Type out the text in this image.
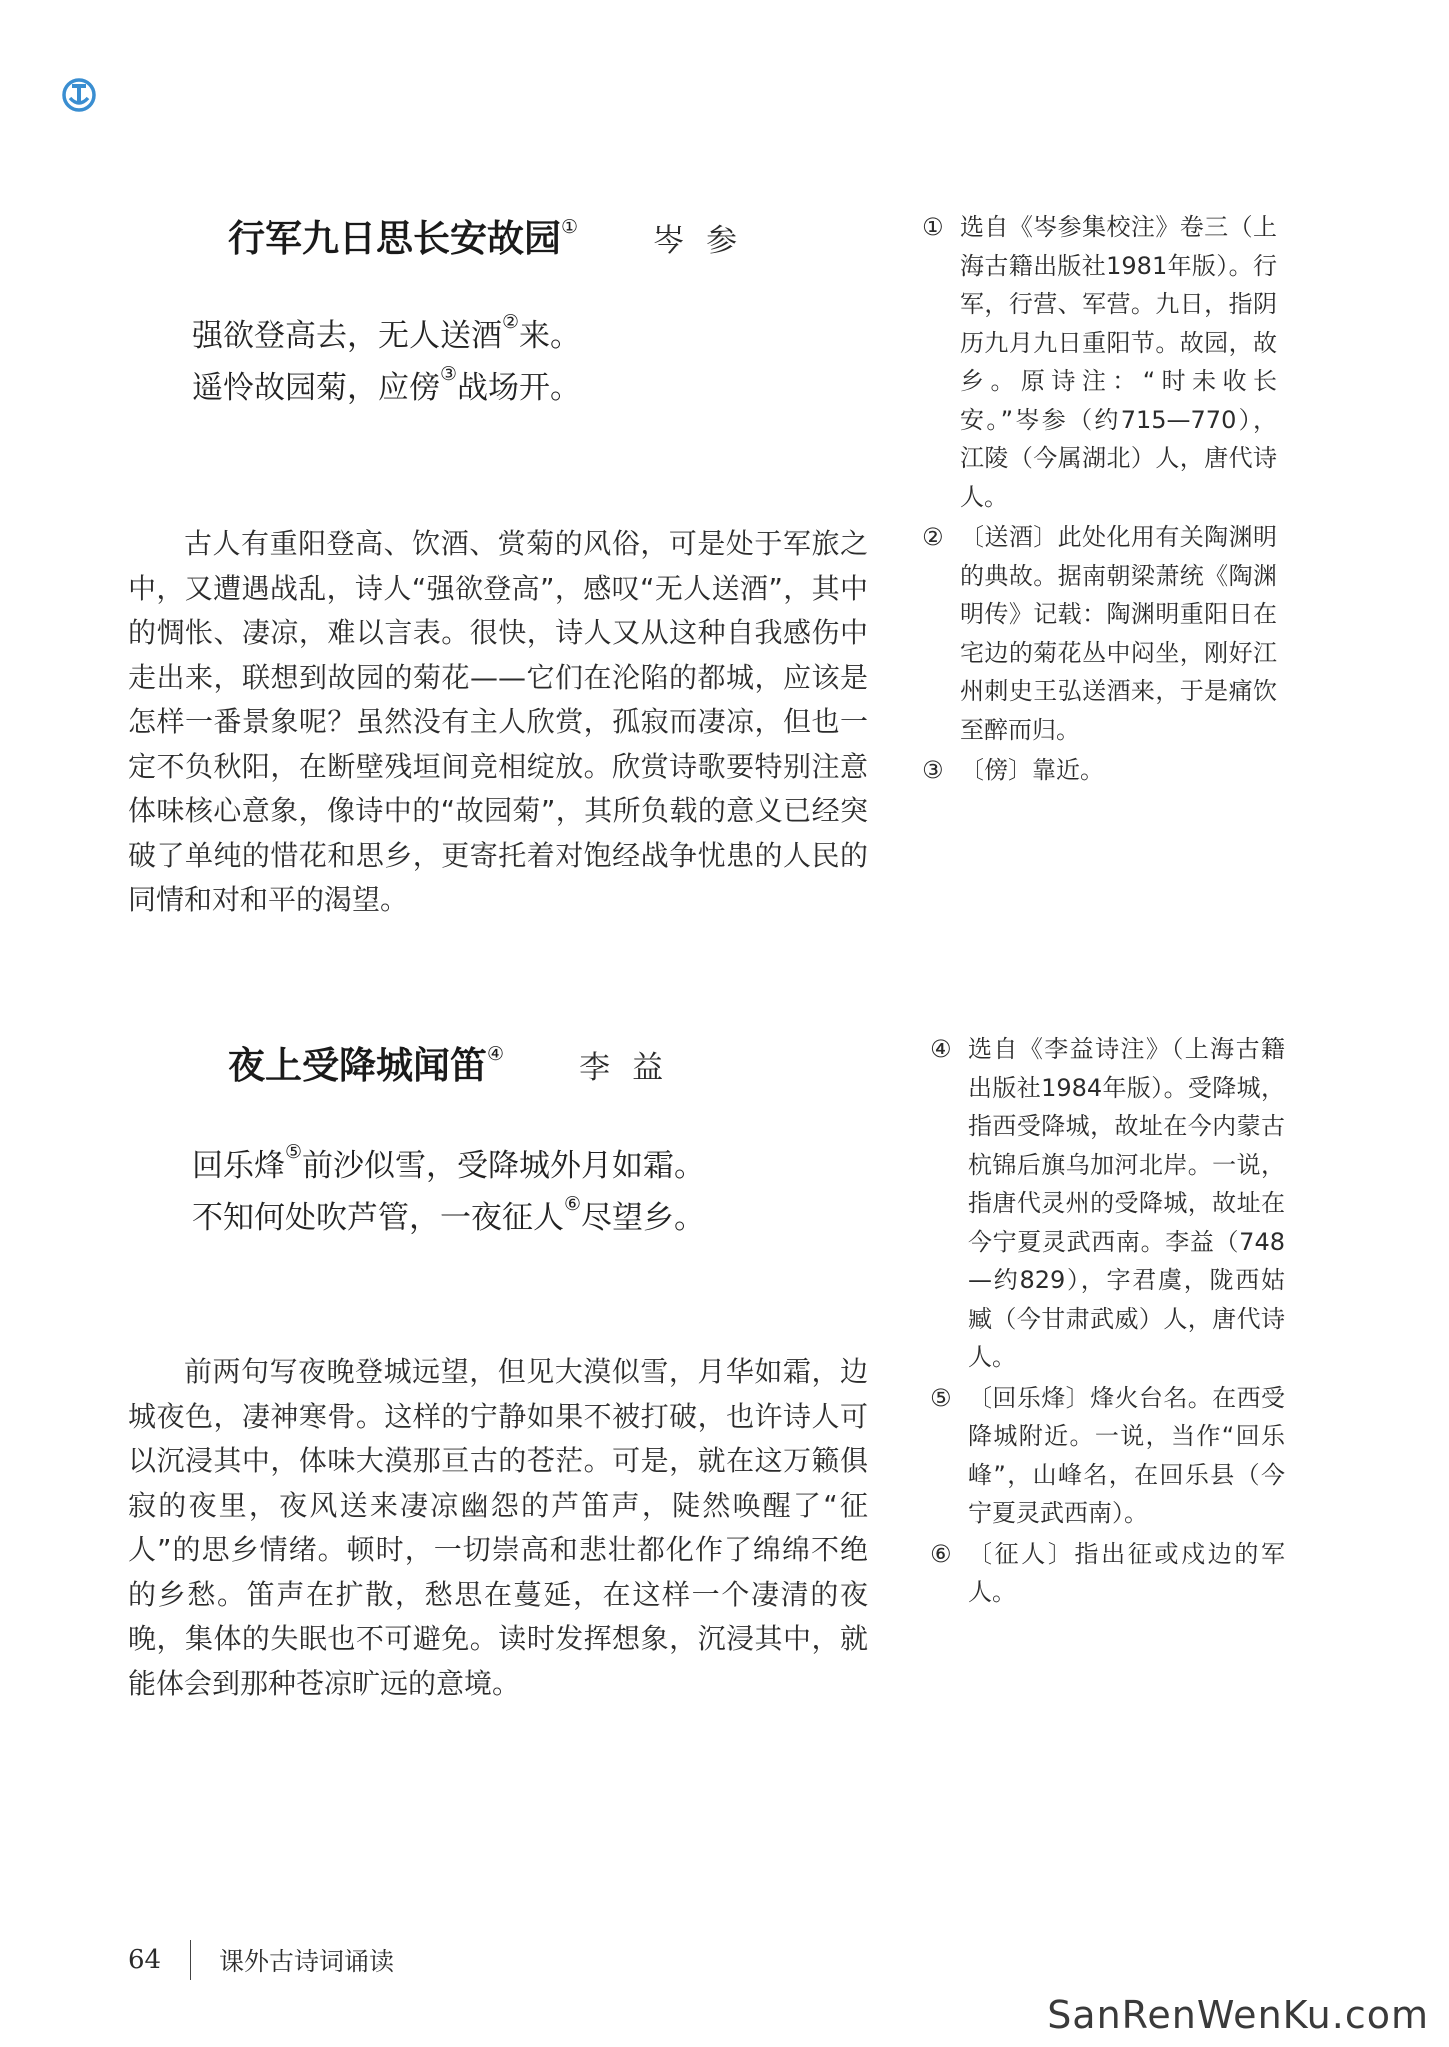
行军九日思长安故园① 岑参
强欲登高去，无人送酒②来。
遥怜故园菊，应傍③战场开。

古人有重阳登高、饮酒、赏菊的风俗，可是处于军旅之中，又遭遇战乱，诗人“强欲登高”，感叹“无人送酒”，其中的惆怅、凄凉，难以言表。很快，诗人又从这种自我感伤中走出来，联想到故园的菊花——它们在沦陷的都城，应该是怎样一番景象呢？虽然没有主人欣赏，孤寂而凄凉，但也一定不负秋阳，在断壁残垣间竞相绽放。欣赏诗歌要特别注意体味核心意象，像诗中的“故园菊”，其所负载的意义已经突破了单纯的惜花和思乡，更寄托着对饱经战争忧患的人民的同情和对和平的渴望。

① 选自《岑参集校注》卷三（上海古籍出版社1981年版）。行军，行营、军营。九日，指阴历九月九日重阳节。故园，故乡。原诗注：“时未收长安。”岑参（约715—770），江陵（今属湖北）人，唐代诗人。
② 〔送酒〕此处化用有关陶渊明的典故。据南朝梁萧统《陶渊明传》记载：陶渊明重阳日在宅边的菊花丛中闷坐，刚好江州刺史王弘送酒来，于是痛饮至醉而归。
③ 〔傍〕靠近。
夜上受降城闻笛④ 李益
回乐烽⑤前沙似雪，受降城外月如霜。
不知何处吹芦管，一夜征人⑥尽望乡。

前两句写夜晚登城远望，但见大漠似雪，月华如霜，边城夜色，凄神寒骨。这样的宁静如果不被打破，也许诗人可以沉浸其中，体味大漠那亘古的苍茫。可是，就在这万籁俱寂的夜里，夜风送来凄凉幽怨的芦笛声，陡然唤醒了“征人”的思乡情绪。顿时，一切崇高和悲壮都化作了绵绵不绝的乡愁。笛声在扩散，愁思在蔓延，在这样一个凄清的夜晚，集体的失眠也不可避免。读时发挥想象，沉浸其中，就能体会到那种苍凉旷远的意境。

④ 选自《李益诗注》（上海古籍出版社1984年版）。受降城，指西受降城，故址在今内蒙古杭锦后旗乌加河北岸。一说，指唐代灵州的受降城，故址在今宁夏灵武西南。李益（748—约829），字君虞，陇西姑臧（今甘肃武威）人，唐代诗人。
⑤ 〔回乐烽〕烽火台名。在西受降城附近。一说，当作“回乐峰”，山峰名，在回乐县（今宁夏灵武西南）。
⑥ 〔征人〕指出征或戍边的军人。
64	课外古诗词诵读
SanRenWenKu.com
